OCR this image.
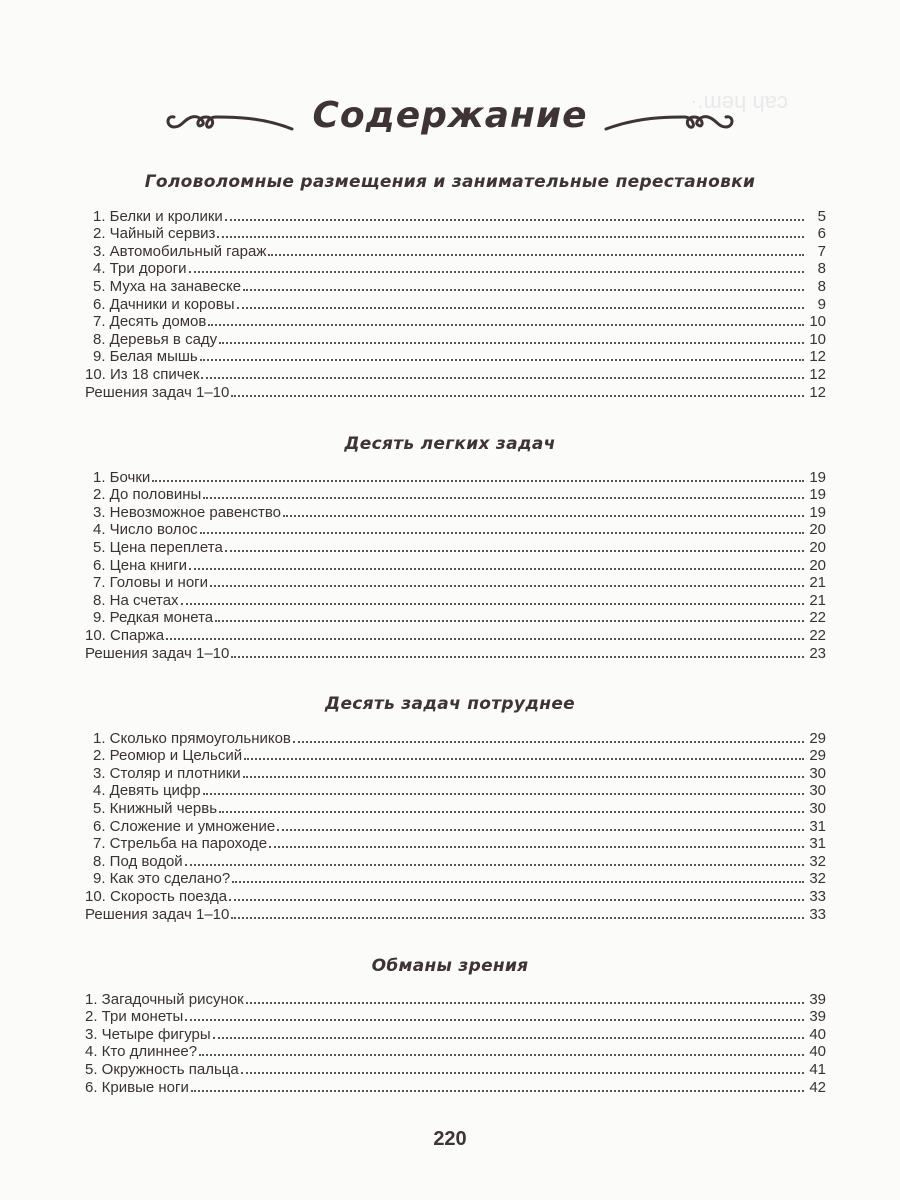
·.ɯǝɥ ɥɐɔ
Содержание
Головоломные размещения и занимательные перестановки
1. Белки и кролики	5
2. Чайный сервиз	6
3. Автомобильный гараж	7
4. Три дороги	8
5. Муха на занавеске	8
6. Дачники и коровы	9
7. Десять домов	10
8. Деревья в саду	10
9. Белая мышь	12
10. Из 18 спичек	12
Решения задач 1–10	12
Десять легких задач
1. Бочки	19
2. До половины	19
3. Невозможное равенство	19
4. Число волос	20
5. Цена переплета	20
6. Цена книги	20
7. Головы и ноги	21
8. На счетах	21
9. Редкая монета	22
10. Спаржа	22
Решения задач 1–10	23
Десять задач потруднее
1. Сколько прямоугольников	29
2. Реомюр и Цельсий	29
3. Столяр и плотники	30
4. Девять цифр	30
5. Книжный червь	30
6. Сложение и умножение	31
7. Стрельба на пароходе	31
8. Под водой	32
9. Как это сделано?	32
10. Скорость поезда	33
Решения задач 1–10	33
Обманы зрения
1. Загадочный рисунок	39
2. Три монеты	39
3. Четыре фигуры	40
4. Кто длиннее?	40
5. Окружность пальца	41
6. Кривые ноги	42
220
